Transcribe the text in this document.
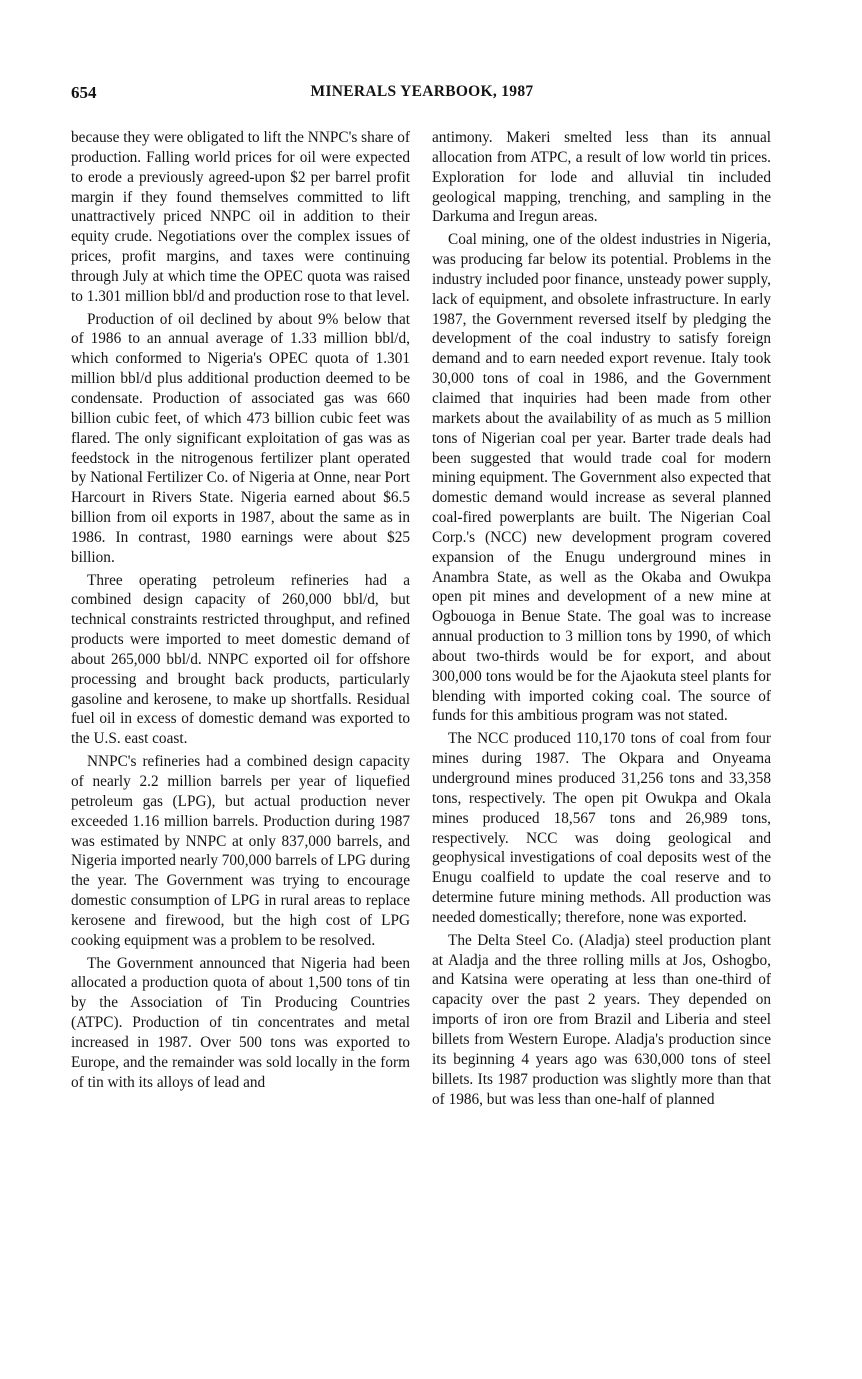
654	MINERALS YEARBOOK, 1987

because they were obligated to lift the NNPC's share of production. Falling world prices for oil were expected to erode a previously agreed-upon $2 per barrel profit margin if they found themselves committed to lift unattractively priced NNPC oil in addition to their equity crude. Negotiations over the complex issues of prices, profit margins, and taxes were continuing through July at which time the OPEC quota was raised to 1.301 million bbl/d and production rose to that level.

Production of oil declined by about 9% below that of 1986 to an annual average of 1.33 million bbl/d, which conformed to Nigeria's OPEC quota of 1.301 million bbl/d plus additional production deemed to be condensate. Production of associated gas was 660 billion cubic feet, of which 473 billion cubic feet was flared. The only significant exploitation of gas was as feedstock in the nitrogenous fertilizer plant operated by National Fertilizer Co. of Nigeria at Onne, near Port Harcourt in Rivers State. Nigeria earned about $6.5 billion from oil exports in 1987, about the same as in 1986. In contrast, 1980 earnings were about $25 billion.

Three operating petroleum refineries had a combined design capacity of 260,000 bbl/d, but technical constraints restricted throughput, and refined products were imported to meet domestic demand of about 265,000 bbl/d. NNPC exported oil for offshore processing and brought back products, particularly gasoline and kerosene, to make up shortfalls. Residual fuel oil in excess of domestic demand was exported to the U.S. east coast.

NNPC's refineries had a combined design capacity of nearly 2.2 million barrels per year of liquefied petroleum gas (LPG), but actual production never exceeded 1.16 million barrels. Production during 1987 was estimated by NNPC at only 837,000 barrels, and Nigeria imported nearly 700,000 barrels of LPG during the year. The Government was trying to encourage domestic consumption of LPG in rural areas to replace kerosene and firewood, but the high cost of LPG cooking equipment was a problem to be resolved.

The Government announced that Nigeria had been allocated a production quota of about 1,500 tons of tin by the Association of Tin Producing Countries (ATPC). Production of tin concentrates and metal increased in 1987. Over 500 tons was exported to Europe, and the remainder was sold locally in the form of tin with its alloys of lead and

antimony. Makeri smelted less than its annual allocation from ATPC, a result of low world tin prices. Exploration for lode and alluvial tin included geological mapping, trenching, and sampling in the Darkuma and Iregun areas.

Coal mining, one of the oldest industries in Nigeria, was producing far below its potential. Problems in the industry included poor finance, unsteady power supply, lack of equipment, and obsolete infrastructure. In early 1987, the Government reversed itself by pledging the development of the coal industry to satisfy foreign demand and to earn needed export revenue. Italy took 30,000 tons of coal in 1986, and the Government claimed that inquiries had been made from other markets about the availability of as much as 5 million tons of Nigerian coal per year. Barter trade deals had been suggested that would trade coal for modern mining equipment. The Government also expected that domestic demand would increase as several planned coal-fired powerplants are built. The Nigerian Coal Corp.'s (NCC) new development program covered expansion of the Enugu underground mines in Anambra State, as well as the Okaba and Owukpa open pit mines and development of a new mine at Ogbouoga in Benue State. The goal was to increase annual production to 3 million tons by 1990, of which about two-thirds would be for export, and about 300,000 tons would be for the Ajaokuta steel plants for blending with imported coking coal. The source of funds for this ambitious program was not stated.

The NCC produced 110,170 tons of coal from four mines during 1987. The Okpara and Onyeama underground mines produced 31,256 tons and 33,358 tons, respectively. The open pit Owukpa and Okala mines produced 18,567 tons and 26,989 tons, respectively. NCC was doing geological and geophysical investigations of coal deposits west of the Enugu coalfield to update the coal reserve and to determine future mining methods. All production was needed domestically; therefore, none was exported.

The Delta Steel Co. (Aladja) steel production plant at Aladja and the three rolling mills at Jos, Oshogbo, and Katsina were operating at less than one-third of capacity over the past 2 years. They depended on imports of iron ore from Brazil and Liberia and steel billets from Western Europe. Aladja's production since its beginning 4 years ago was 630,000 tons of steel billets. Its 1987 production was slightly more than that of 1986, but was less than one-half of planned
